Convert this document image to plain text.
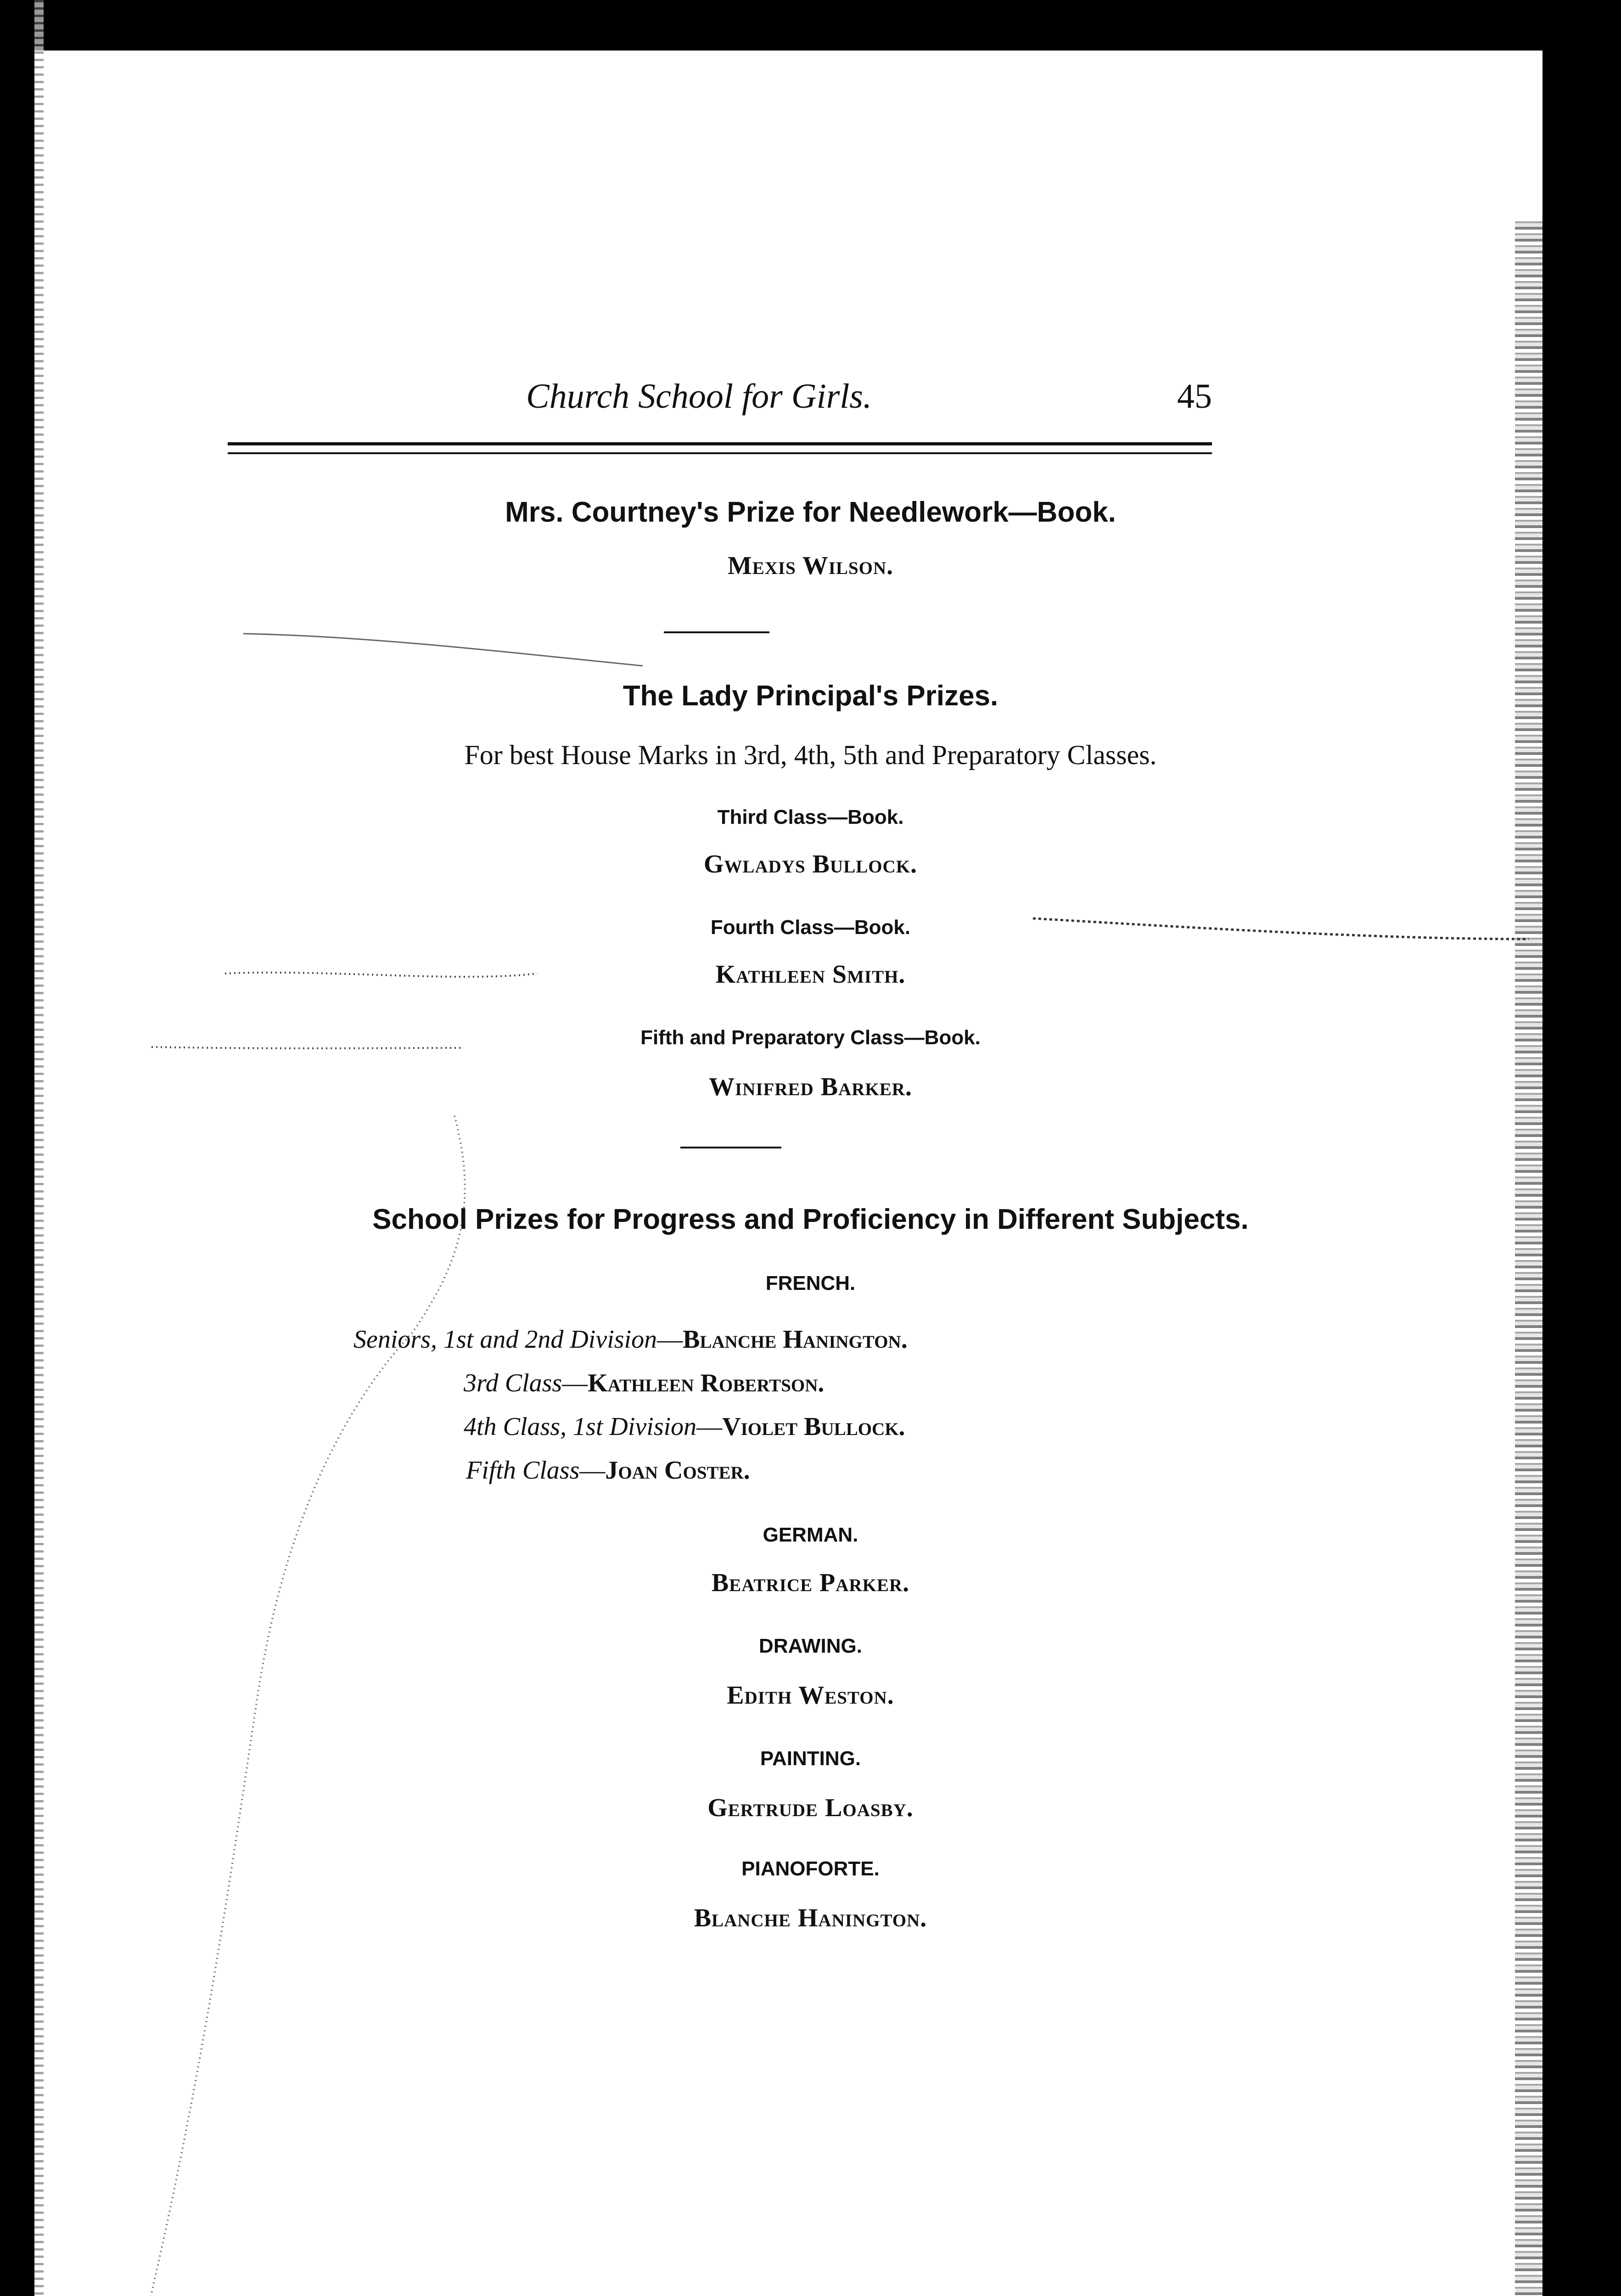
Church School for Girls.	45
Mrs. Courtney's Prize for Needlework—Book.
Mexis Wilson.
The Lady Principal's Prizes.
For best House Marks in 3rd, 4th, 5th and Preparatory Classes.
Third Class—Book.
Gwladys Bullock.
Fourth Class—Book.
Kathleen Smith.
Fifth and Preparatory Class—Book.
Winifred Barker.
School Prizes for Progress and Proficiency in Different Subjects.
FRENCH.
Seniors, 1st and 2nd Division—Blanche Hanington.
3rd Class—Kathleen Robertson.
4th Class, 1st Division—Violet Bullock.
Fifth Class—Joan Coster.
GERMAN.
Beatrice Parker.
DRAWING.
Edith Weston.
PAINTING.
Gertrude Loasby.
PIANOFORTE.
Blanche Hanington.
